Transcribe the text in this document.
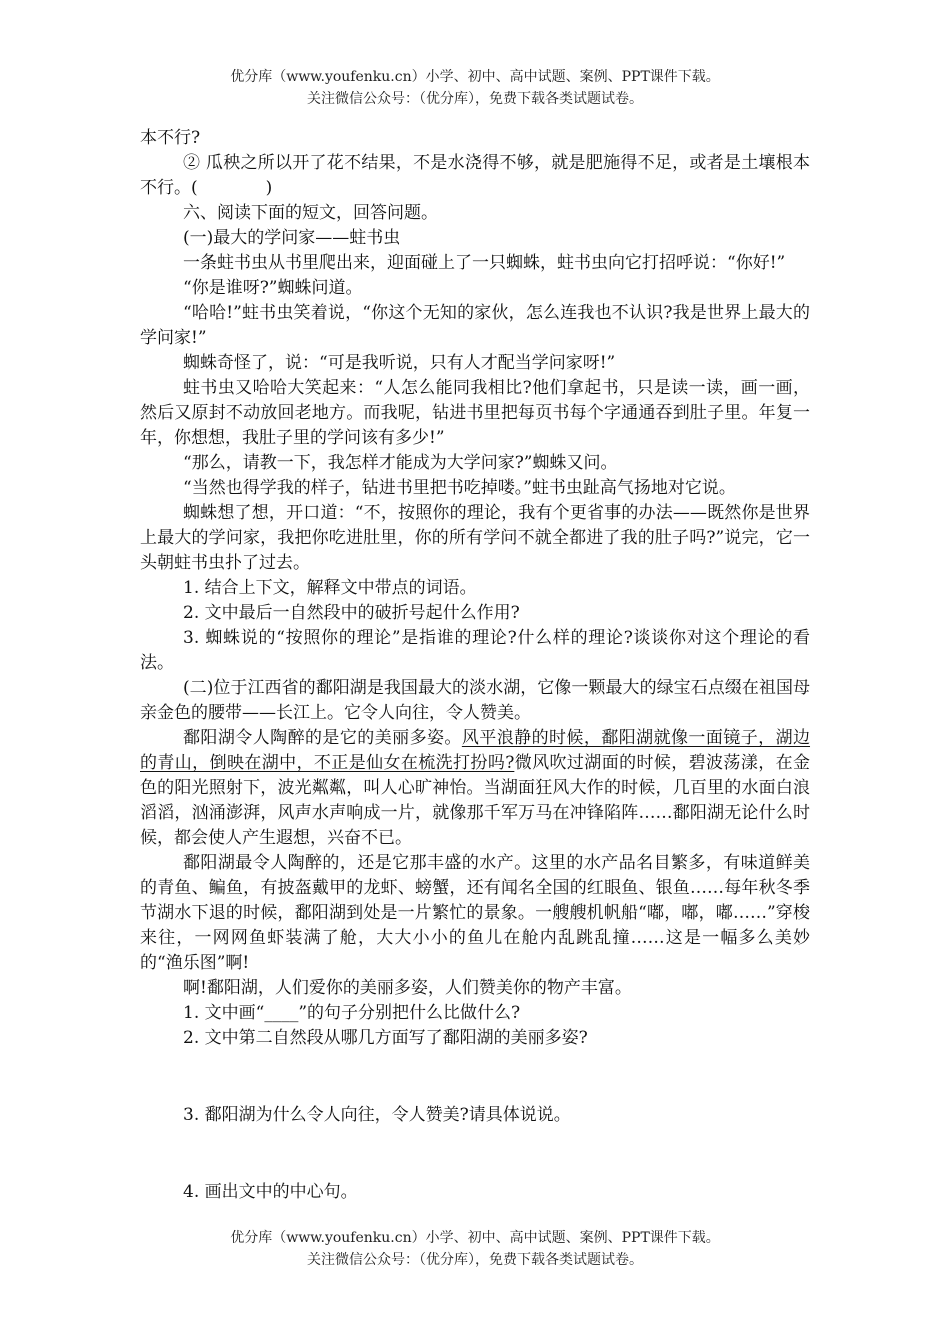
优分库（www.youfenku.cn）小学、初中、高中试题、案例、PPT课件下载。
关注微信公众号：（优分库），免费下载各类试题试卷。

本不行?

② 瓜秧之所以开了花不结果，不是水浇得不够，就是肥施得不足，或者是土壤根本不行。(　　　　)

六、阅读下面的短文，回答问题。

(一)最大的学问家——蛀书虫

一条蛀书虫从书里爬出来，迎面碰上了一只蜘蛛，蛀书虫向它打招呼说：“你好!”

“你是谁呀?”蜘蛛问道。

“哈哈!”蛀书虫笑着说，“你这个无知的家伙，怎么连我也不认识?我是世界上最大的学问家!”

蜘蛛奇怪了，说：“可是我听说，只有人才配当学问家呀!”

蛀书虫又哈哈大笑起来：“人怎么能同我相比?他们拿起书，只是读一读，画一画，然后又原封不动放回老地方。而我呢，钻进书里把每页书每个字通通吞到肚子里。年复一年，你想想，我肚子里的学问该有多少!”

“那么，请教一下，我怎样才能成为大学问家?”蜘蛛又问。

“当然也得学我的样子，钻进书里把书吃掉喽。”蛀书虫趾高气扬地对它说。

蜘蛛想了想，开口道：“不，按照你的理论，我有个更省事的办法——既然你是世界上最大的学问家，我把你吃进肚里，你的所有学问不就全都进了我的肚子吗?”说完，它一头朝蛀书虫扑了过去。

1. 结合上下文，解释文中带点的词语。

2. 文中最后一自然段中的破折号起什么作用?

3. 蜘蛛说的“按照你的理论”是指谁的理论?什么样的理论?谈谈你对这个理论的看法。

(二)位于江西省的鄱阳湖是我国最大的淡水湖，它像一颗最大的绿宝石点缀在祖国母亲金色的腰带——长江上。它令人向往，令人赞美。

鄱阳湖令人陶醉的是它的美丽多姿。风平浪静的时候，鄱阳湖就像一面镜子，湖边的青山，倒映在湖中，不正是仙女在梳洗打扮吗?微风吹过湖面的时候，碧波荡漾，在金色的阳光照射下，波光粼粼，叫人心旷神怡。当湖面狂风大作的时候，几百里的水面白浪滔滔，汹涌澎湃，风声水声响成一片，就像那千军万马在冲锋陷阵……鄱阳湖无论什么时候，都会使人产生遐想，兴奋不已。

鄱阳湖最令人陶醉的，还是它那丰盛的水产。这里的水产品名目繁多，有味道鲜美的青鱼、鳊鱼，有披盔戴甲的龙虾、螃蟹，还有闻名全国的红眼鱼、银鱼……每年秋冬季节湖水下退的时候，鄱阳湖到处是一片繁忙的景象。一艘艘机帆船“嘟，嘟，嘟……”穿梭来往，一网网鱼虾装满了舱，大大小小的鱼儿在舱内乱跳乱撞……这是一幅多么美妙的“渔乐图”啊!

啊!鄱阳湖，人们爱你的美丽多姿，人们赞美你的物产丰富。

1. 文中画“____”的句子分别把什么比做什么?

2. 文中第二自然段从哪几方面写了鄱阳湖的美丽多姿?

3. 鄱阳湖为什么令人向往，令人赞美?请具体说说。

4. 画出文中的中心句。

优分库（www.youfenku.cn）小学、初中、高中试题、案例、PPT课件下载。
关注微信公众号：（优分库），免费下载各类试题试卷。
